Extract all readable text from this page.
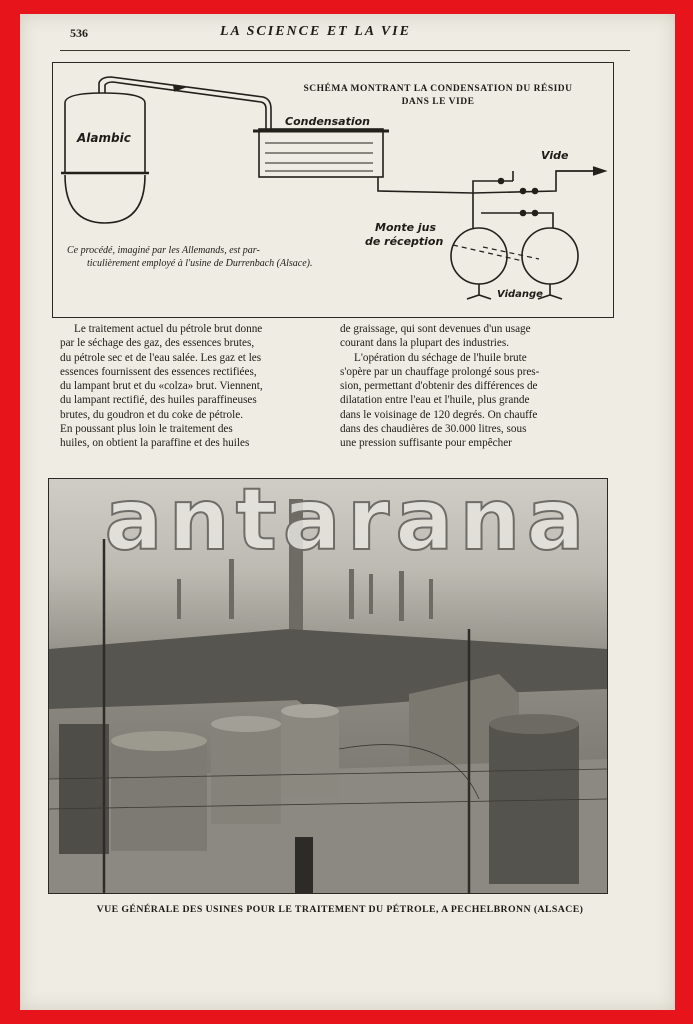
536	LA SCIENCE ET LA VIE
SCHÉMA MONTRANT LA CONDENSATION DU RÉSIDU
DANS LE VIDE
Alambic
Condensation
Vide
Monte jus
de réception
Vidange
Ce procédé, imaginé par les Allemands, est par-
ticulièrement employé à l'usine de Durrenbach (Alsace).

Le traitement actuel du pétrole brut donne

par le séchage des gaz, des essences brutes,

du pétrole sec et de l'eau salée. Les gaz et les

essences fournissent des essences rectifiées,

du lampant brut et du «colza» brut. Viennent,

du lampant rectifié, des huiles paraffineuses

brutes, du goudron et du coke de pétrole.

En poussant plus loin le traitement des

huiles, on obtient la paraffine et des huiles

de graissage, qui sont devenues d'un usage

courant dans la plupart des industries.

L'opération du séchage de l'huile brute

s'opère par un chauffage prolongé sous pres-

sion, permettant d'obtenir des différences de

dilatation entre l'eau et l'huile, plus grande

dans le voisinage de 120 degrés. On chauffe

dans des chaudières de 30.000 litres, sous

une pression suffisante pour empêcher

antarana
VUE GÉNÉRALE DES USINES POUR LE TRAITEMENT DU PÉTROLE, A PECHELBRONN (ALSACE)
